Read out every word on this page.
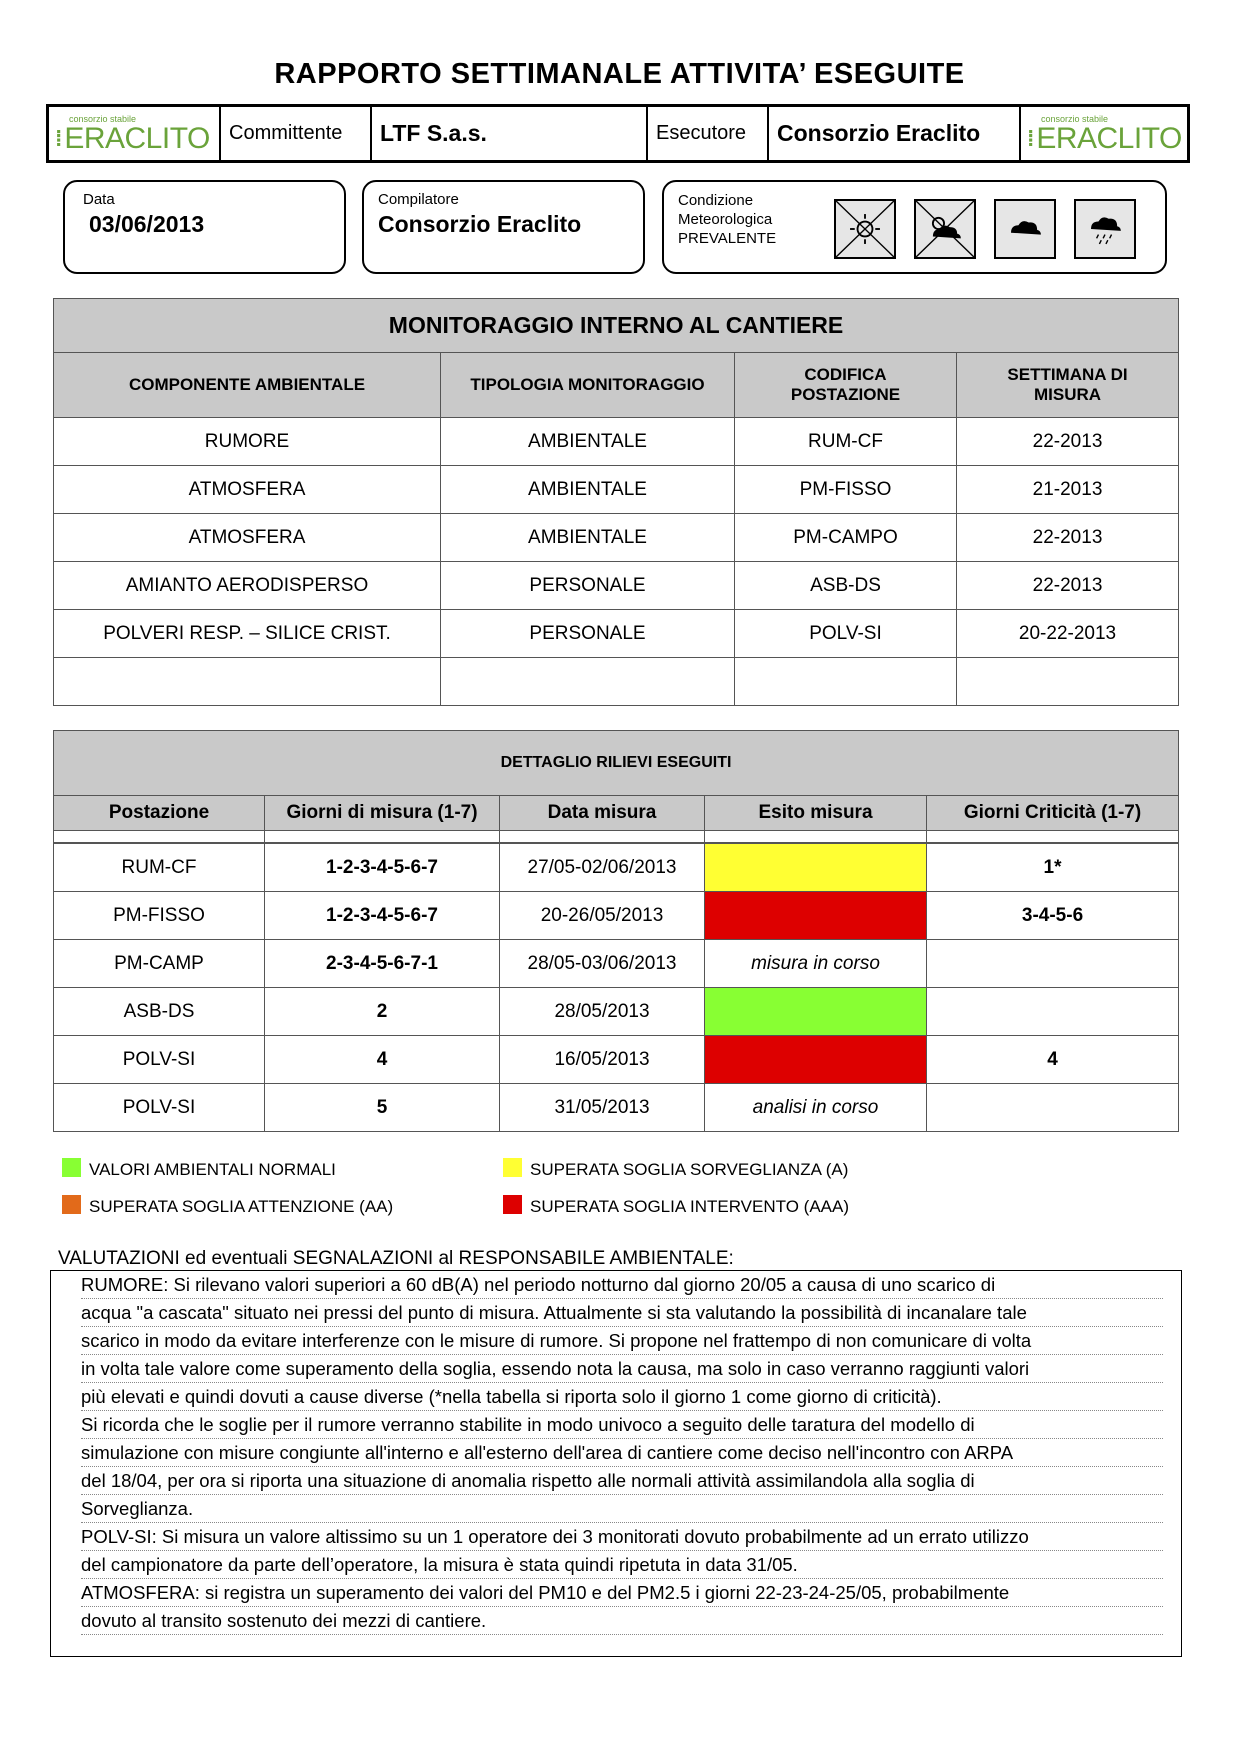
RAPPORTO SETTIMANALE ATTIVITA’ ESEGUITE
consorzio stabile
⁞ ERACLITO Committente	LTF S.a.s.	Esecutore	Consorzio Eraclito
consorzio stabile
⁞ ERACLITO
Data
03/06/2013
Compilatore
Consorzio Eraclito
Condizione
Meteorologica
PREVALENTE
MONITORAGGIO INTERNO AL CANTIERE			
COMPONENTE AMBIENTALE	TIPOLOGIA MONITORAGGIO	CODIFICA POSTAZIONE	SETTIMANA DI MISURA
RUMORE	AMBIENTALE	RUM-CF	22-2013
ATMOSFERA	AMBIENTALE	PM-FISSO	21-2013
ATMOSFERA	AMBIENTALE	PM-CAMPO	22-2013
AMIANTO AERODISPERSO	PERSONALE	ASB-DS	22-2013
POLVERI RESP. – SILICE CRIST.	PERSONALE	POLV-SI	20-22-2013

DETTAGLIO RILIEVI ESEGUITI				
Postazione	Giorni di misura (1-7)	Data misura	Esito misura	Giorni Criticità (1-7)

RUM-CF	1-2-3-4-5-6-7	27/05-02/06/2013		1*
PM-FISSO	1-2-3-4-5-6-7	20-26/05/2013		3-4-5-6
PM-CAMP	2-3-4-5-6-7-1	28/05-03/06/2013	misura in corso	
ASB-DS	2	28/05/2013		
POLV-SI	4	16/05/2013		4
POLV-SI	5	31/05/2013	analisi in corso	
VALORI AMBIENTALI NORMALI	SUPERATA SOGLIA SORVEGLIANZA (A)
SUPERATA SOGLIA ATTENZIONE (AA)	SUPERATA SOGLIA INTERVENTO (AAA)
VALUTAZIONI ed eventuali SEGNALAZIONI al RESPONSABILE AMBIENTALE:
RUMORE: Si rilevano valori superiori a 60 dB(A) nel periodo notturno dal giorno 20/05 a causa di uno scarico di
acqua "a cascata" situato nei pressi del punto di misura. Attualmente si sta valutando la possibilità di incanalare tale
scarico in modo da evitare interferenze con le misure di rumore. Si propone nel frattempo di non comunicare di volta
in volta tale valore come superamento della soglia, essendo nota la causa, ma solo in caso verranno raggiunti valori
più elevati e quindi dovuti a cause diverse (*nella tabella si riporta solo il giorno 1 come giorno di criticità).
Si ricorda che le soglie per il rumore verranno stabilite in modo univoco a seguito delle taratura del modello di
simulazione con misure congiunte all'interno e all'esterno dell'area di cantiere come deciso nell'incontro con ARPA
del 18/04, per ora si riporta una situazione di anomalia rispetto alle normali attività assimilandola alla soglia di
Sorveglianza.
POLV-SI: Si misura un valore altissimo su un 1 operatore dei 3 monitorati dovuto probabilmente ad un errato utilizzo
del campionatore da parte dell’operatore, la misura è stata quindi ripetuta in data 31/05.
ATMOSFERA: si registra un superamento dei valori del PM10 e del PM2.5 i giorni 22-23-24-25/05, probabilmente
dovuto al transito sostenuto dei mezzi di cantiere.
